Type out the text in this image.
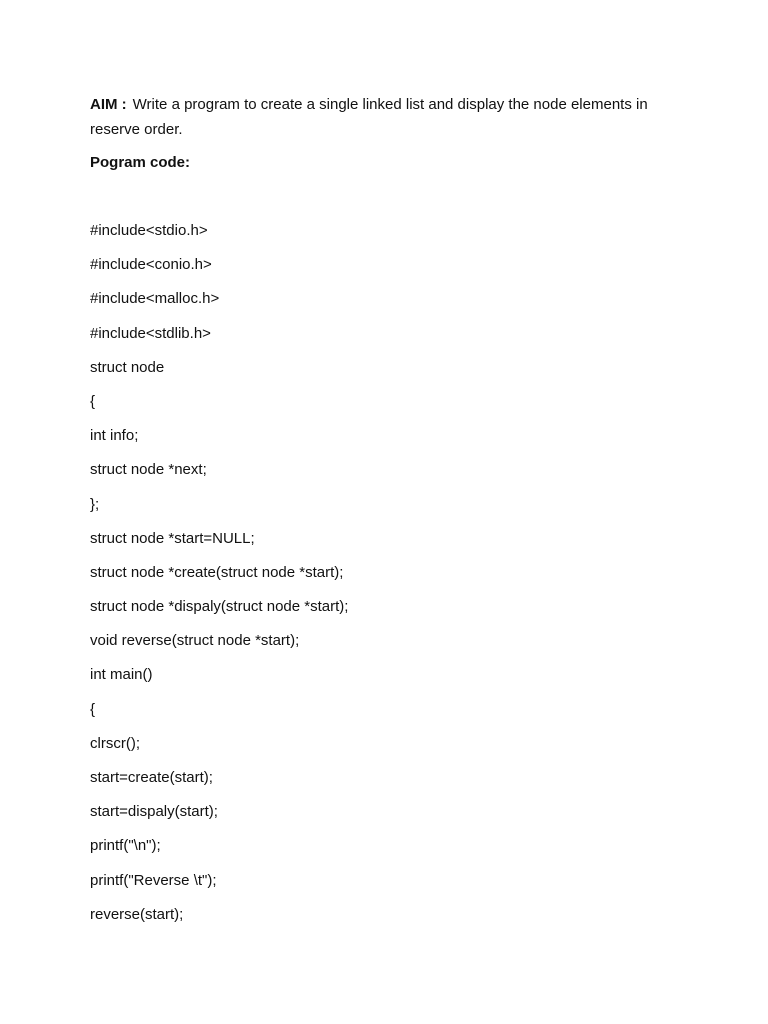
AIM : Write a program to create a single linked list and display the node elements in reserve order.

Pogram code:

#include<stdio.h>
#include<conio.h>
#include<malloc.h>
#include<stdlib.h>
struct node
{
int info;
struct node *next;
};
struct node *start=NULL;
struct node *create(struct node *start);
struct node *dispaly(struct node *start);
void reverse(struct node *start);
int main()
{
clrscr();
start=create(start);
start=dispaly(start);
printf("\n");
printf("Reverse \t");
reverse(start);
